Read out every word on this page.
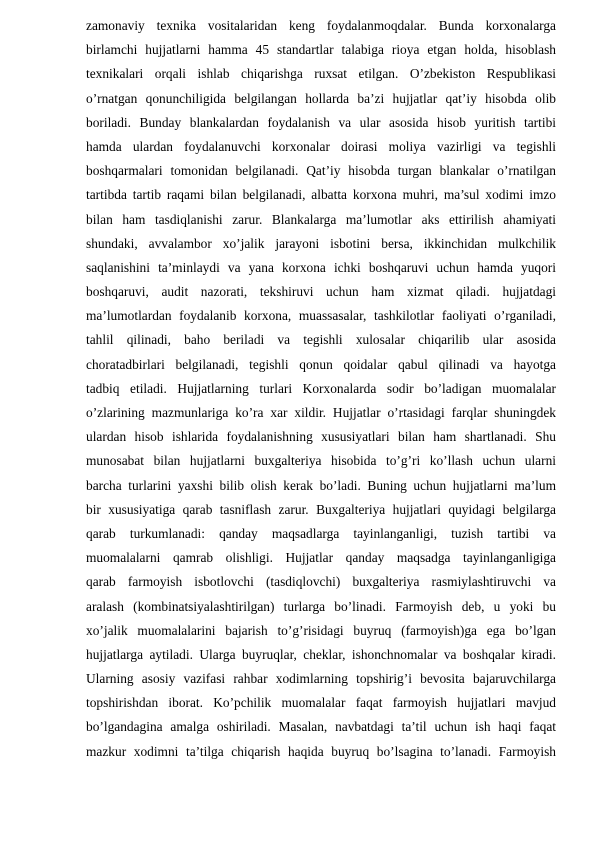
zamonaviy texnika vositalaridan keng foydalanmoqdalar. Bunda korxonalarga
birlamchi hujjatlarni hamma 45 standartlar talabiga rioya etgan holda, hisoblash
texnikalari orqali ishlab chiqarishga ruxsat etilgan. O’zbekiston Respublikasi
o’rnatgan qonunchiligida belgilangan hollarda ba’zi hujjatlar qat’iy hisobda olib
boriladi. Bunday blankalardan foydalanish va ular asosida hisob yuritish tartibi
hamda ulardan foydalanuvchi korxonalar doirasi moliya vazirligi va tegishli
boshqarmalari tomonidan belgilanadi. Qat’iy hisobda turgan blankalar o’rnatilgan
tartibda tartib raqami bilan belgilanadi, albatta korxona muhri, ma’sul xodimi imzo
bilan ham tasdiqlanishi zarur. Blankalarga ma’lumotlar aks ettirilish ahamiyati
shundaki, avvalambor xo’jalik jarayoni isbotini bersa, ikkinchidan mulkchilik
saqlanishini ta’minlaydi va yana korxona ichki boshqaruvi uchun hamda yuqori
boshqaruvi, audit nazorati, tekshiruvi uchun ham xizmat qiladi. hujjatdagi
ma’lumotlardan foydalanib korxona, muassasalar, tashkilotlar faoliyati o’rganiladi,
tahlil qilinadi, baho beriladi va tegishli xulosalar chiqarilib ular asosida
choratadbirlari belgilanadi, tegishli qonun qoidalar qabul qilinadi va hayotga
tadbiq etiladi. Hujjatlarning turlari Korxonalarda sodir bo’ladigan muomalalar
o’zlarining mazmunlariga ko’ra xar xildir. Hujjatlar o’rtasidagi farqlar shuningdek
ulardan hisob ishlarida foydalanishning xususiyatlari bilan ham shartlanadi. Shu
munosabat bilan hujjatlarni buxgalteriya hisobida to’g’ri ko’llash uchun ularni
barcha turlarini yaxshi bilib olish kerak bo’ladi. Buning uchun hujjatlarni ma’lum
bir xususiyatiga qarab tasniflash zarur. Buxgalteriya hujjatlari quyidagi belgilarga
qarab turkumlanadi: qanday maqsadlarga tayinlanganligi, tuzish tartibi va
muomalalarni qamrab olishligi. Hujjatlar qanday maqsadga tayinlanganligiga
qarab farmoyish isbotlovchi (tasdiqlovchi) buxgalteriya rasmiylashtiruvchi va
aralash (kombinatsiyalashtirilgan) turlarga bo’linadi. Farmoyish deb, u yoki bu
xo’jalik muomalalarini bajarish to’g’risidagi buyruq (farmoyish)ga ega bo’lgan
hujjatlarga aytiladi. Ularga buyruqlar, cheklar, ishonchnomalar va boshqalar kiradi.
Ularning asosiy vazifasi rahbar xodimlarning topshirig’i bevosita bajaruvchilarga
topshirishdan iborat. Ko’pchilik muomalalar faqat farmoyish hujjatlari mavjud
bo’lgandagina amalga oshiriladi. Masalan, navbatdagi ta’til uchun ish haqi faqat
mazkur xodimni ta’tilga chiqarish haqida buyruq bo’lsagina to’lanadi. Farmoyish
